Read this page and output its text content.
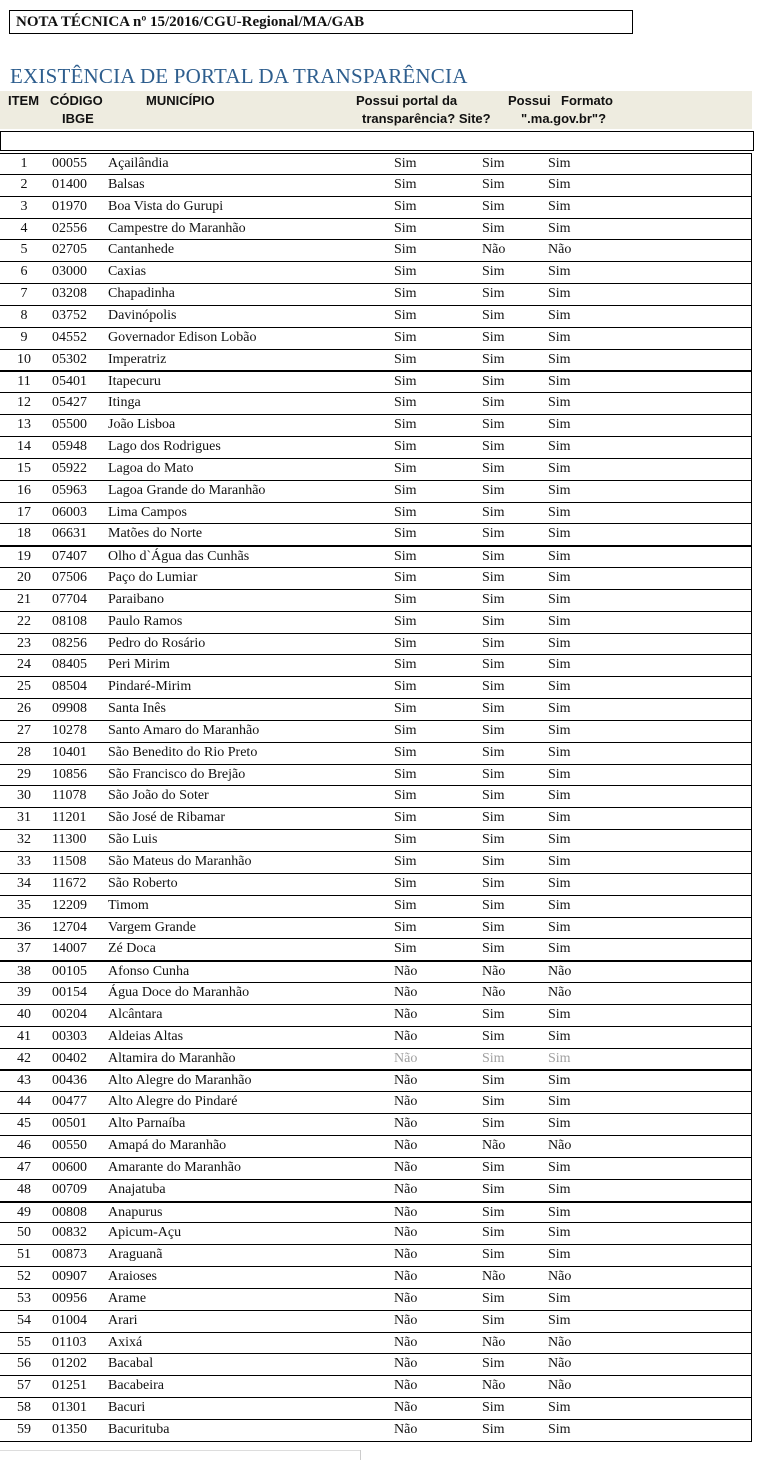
NOTA TÉCNICA nº 15/2016/CGU-Regional/MA/GAB
EXISTÊNCIA DE PORTAL DA TRANSPARÊNCIA
ITEM CÓDIGO
IBGE
MUNICÍPIO	Possui portal da
transparência? Site?
Possui Formato
".ma.gov.br"?
1	00055 Açailândia	Sim	Sim	Sim
2	01400 Balsas	Sim	Sim	Sim
3	01970 Boa Vista do Gurupi	Sim	Sim	Sim
4	02556 Campestre do Maranhão	Sim	Sim	Sim
5	02705 Cantanhede	Sim	Não	Não
6	03000 Caxias	Sim	Sim	Sim
7	03208 Chapadinha	Sim	Sim	Sim
8	03752 Davinópolis	Sim	Sim	Sim
9	04552 Governador Edison Lobão	Sim	Sim	Sim
10	05302 Imperatriz	Sim	Sim	Sim
11	05401 Itapecuru	Sim	Sim	Sim
12	05427 Itinga	Sim	Sim	Sim
13	05500 João Lisboa	Sim	Sim	Sim
14	05948 Lago dos Rodrigues	Sim	Sim	Sim
15	05922 Lagoa do Mato	Sim	Sim	Sim
16	05963 Lagoa Grande do Maranhão	Sim	Sim	Sim
17	06003 Lima Campos	Sim	Sim	Sim
18	06631 Matões do Norte	Sim	Sim	Sim
19	07407 Olho d`Água das Cunhãs	Sim	Sim	Sim
20	07506 Paço do Lumiar	Sim	Sim	Sim
21	07704 Paraibano	Sim	Sim	Sim
22	08108 Paulo Ramos	Sim	Sim	Sim
23	08256 Pedro do Rosário	Sim	Sim	Sim
24	08405 Peri Mirim	Sim	Sim	Sim
25	08504 Pindaré-Mirim	Sim	Sim	Sim
26	09908 Santa Inês	Sim	Sim	Sim
27	10278 Santo Amaro do Maranhão	Sim	Sim	Sim
28	10401 São Benedito do Rio Preto	Sim	Sim	Sim
29	10856 São Francisco do Brejão	Sim	Sim	Sim
30	11078 São João do Soter	Sim	Sim	Sim
31	11201 São José de Ribamar	Sim	Sim	Sim
32	11300 São Luis	Sim	Sim	Sim
33	11508 São Mateus do Maranhão	Sim	Sim	Sim
34	11672 São Roberto	Sim	Sim	Sim
35	12209 Timom	Sim	Sim	Sim
36	12704 Vargem Grande	Sim	Sim	Sim
37	14007 Zé Doca	Sim	Sim	Sim
38	00105 Afonso Cunha	Não	Não	Não
39	00154 Água Doce do Maranhão	Não	Não	Não
40	00204 Alcântara	Não	Sim	Sim
41	00303 Aldeias Altas	Não	Sim	Sim
42	00402 Altamira do Maranhão	Não	Sim	Sim
43	00436 Alto Alegre do Maranhão	Não	Sim	Sim
44	00477 Alto Alegre do Pindaré	Não	Sim	Sim
45	00501 Alto Parnaíba	Não	Sim	Sim
46	00550 Amapá do Maranhão	Não	Não	Não
47	00600 Amarante do Maranhão	Não	Sim	Sim
48	00709 Anajatuba	Não	Sim	Sim
49	00808 Anapurus	Não	Sim	Sim
50	00832 Apicum-Açu	Não	Sim	Sim
51	00873 Araguanã	Não	Sim	Sim
52	00907 Araioses	Não	Não	Não
53	00956 Arame	Não	Sim	Sim
54	01004 Arari	Não	Sim	Sim
55	01103 Axixá	Não	Não	Não
56	01202 Bacabal	Não	Sim	Não
57	01251 Bacabeira	Não	Não	Não
58	01301 Bacuri	Não	Sim	Sim
59	01350 Bacurituba	Não	Sim	Sim
